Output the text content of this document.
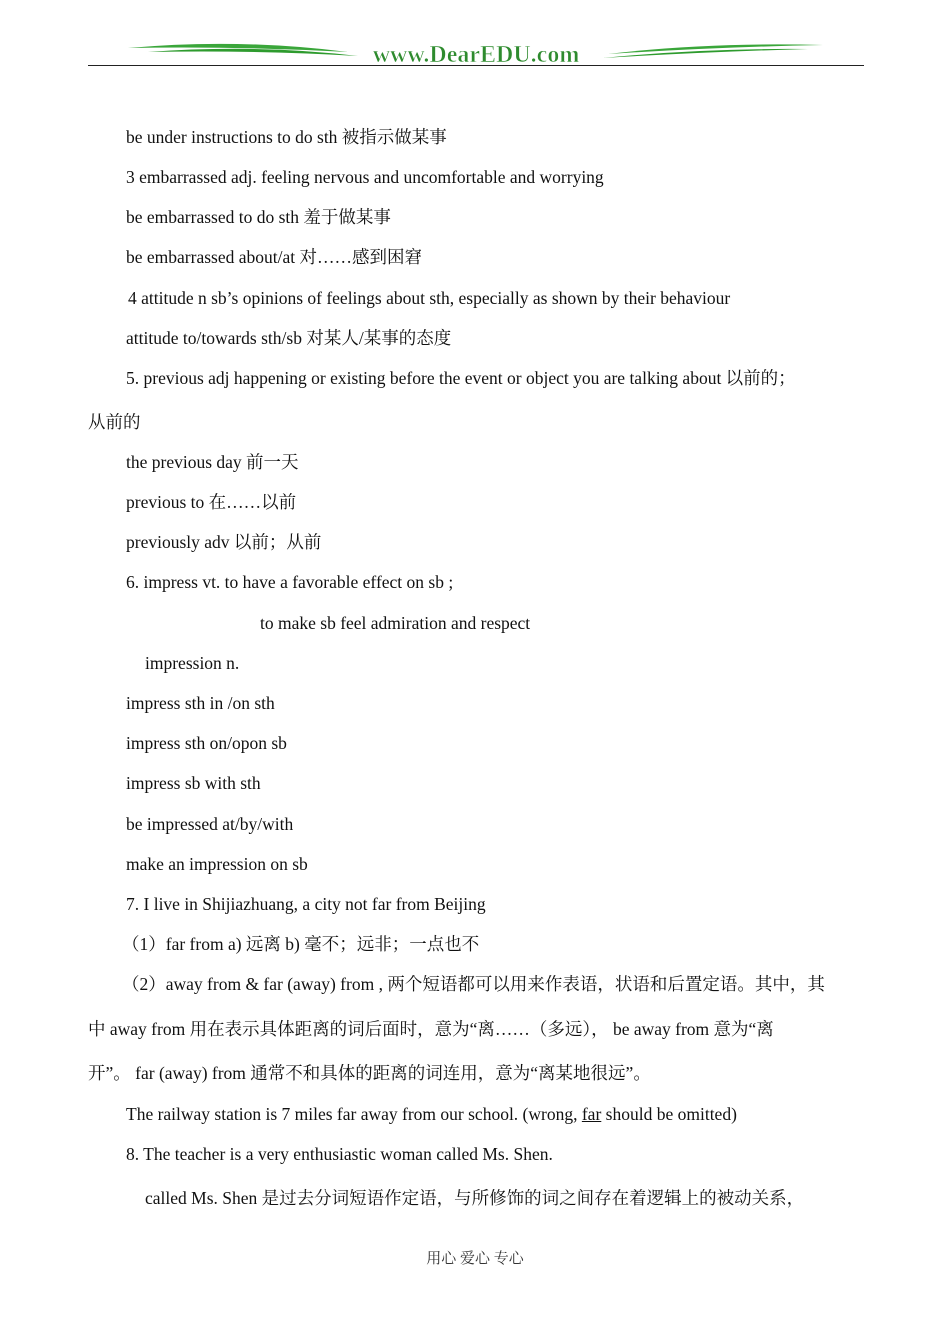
www.DearEDU.com
be under instructions to do sth 被指示做某事
3 embarrassed adj. feeling nervous and uncomfortable and worrying
be embarrassed to do sth 羞于做某事
be embarrassed about/at 对……感到困窘
4 attitude n sb’s opinions of feelings about sth, especially as shown by their behaviour
attitude to/towards sth/sb 对某人/某事的态度
5. previous adj happening or existing before the event or object you are talking about 以前的；
从前的
the previous day 前一天
previous to 在……以前
previously adv 以前；从前
6. impress vt. to have a favorable effect on sb ;
to make sb feel admiration and respect
impression n.
impress sth in /on sth
impress sth on/opon sb
impress sb with sth
be impressed at/by/with
make an impression on sb
7. I live in Shijiazhuang, a city not far from Beijing
（1）far from a) 远离 b) 毫不；远非；一点也不
（2）away from & far (away) from , 两个短语都可以用来作表语，状语和后置定语。其中，其
中 away from 用在表示具体距离的词后面时，意为“离……（多远）， be away from 意为“离
开”。 far (away) from 通常不和具体的距离的词连用，意为“离某地很远”。
The railway station is 7 miles far away from our school. (wrong, far should be omitted)
8. The teacher is a very enthusiastic woman called Ms. Shen.
called Ms. Shen 是过去分词短语作定语，与所修饰的词之间存在着逻辑上的被动关系，
用心 爱心 专心
